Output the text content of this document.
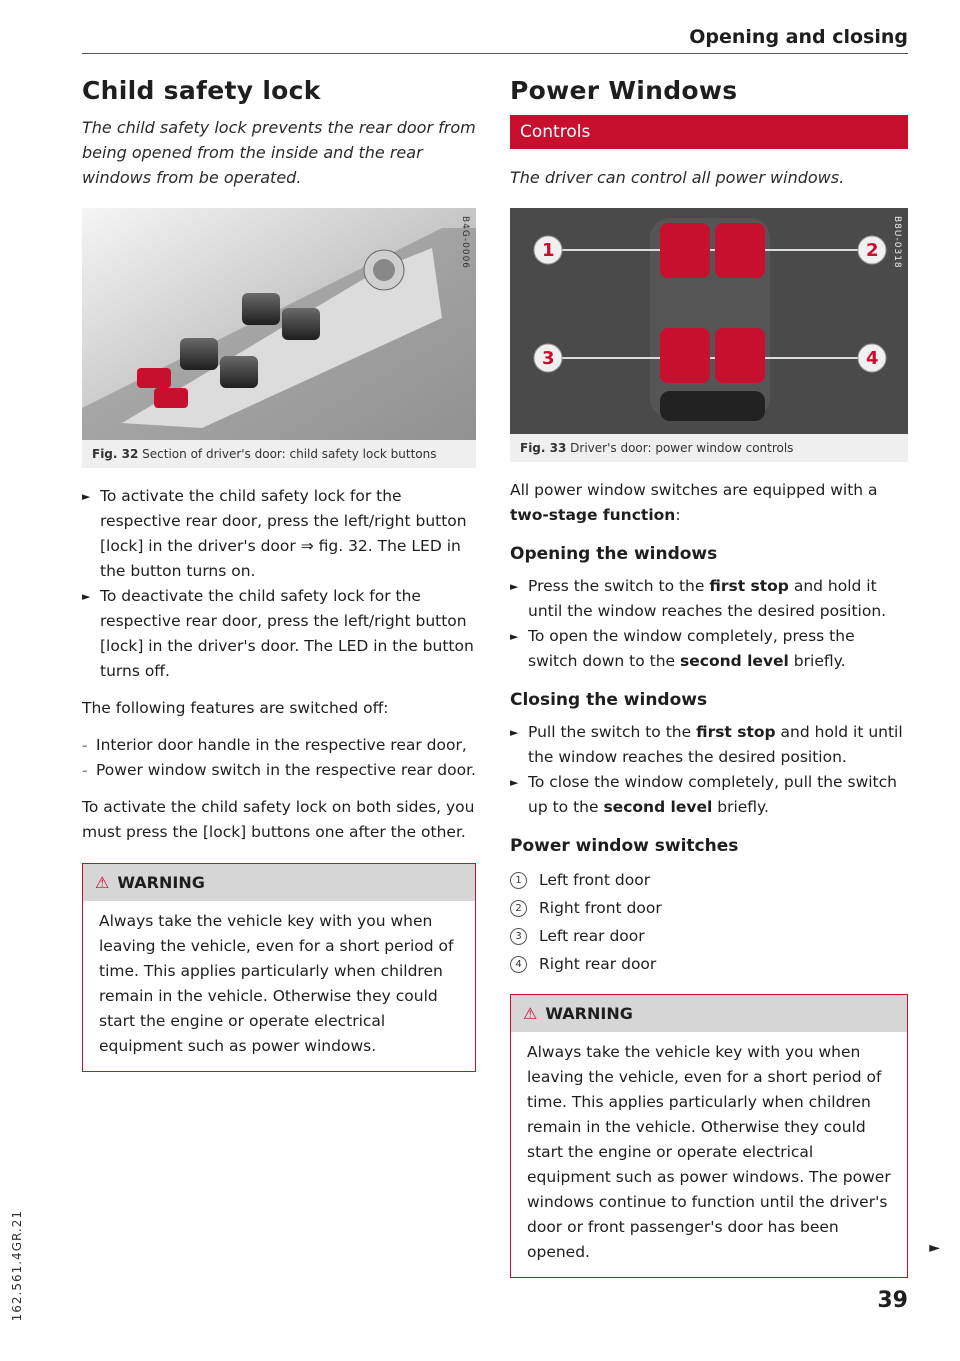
Opening and closing
Child safety lock
The child safety lock prevents the rear door from being opened from the inside and the rear windows from be operated.
B4G-0006
Fig. 32 Section of driver's door: child safety lock buttons
► To activate the child safety lock for the respective rear door, press the left/right button [lock] in the driver's door ⇒ fig. 32. The LED in the button turns on.
► To deactivate the child safety lock for the respective rear door, press the left/right button [lock] in the driver's door. The LED in the button turns off.

The following features are switched off:

– Interior door handle in the respective rear door,
– Power window switch in the respective rear door.

To activate the child safety lock on both sides, you must press the [lock] buttons one after the other.

⚠ WARNING
Always take the vehicle key with you when leaving the vehicle, even for a short period of time. This applies particularly when children remain in the vehicle. Otherwise they could start the engine or operate electrical equipment such as power windows.
Power Windows
Controls
The driver can control all power windows.
1	2
3	4
B8U-0318
Fig. 33 Driver's door: power window controls

All power window switches are equipped with a two-stage function:

Opening the windows
► Press the switch to the first stop and hold it until the window reaches the desired position.
► To open the window completely, press the switch down to the second level briefly.
Closing the windows
► Pull the switch to the first stop and hold it until the window reaches the desired position.
► To close the window completely, pull the switch up to the second level briefly.
Power window switches
1 Left front door
2 Right front door
3 Left rear door
4 Right rear door
⚠ WARNING
Always take the vehicle key with you when leaving the vehicle, even for a short period of time. This applies particularly when children remain in the vehicle. Otherwise they could start the engine or operate electrical equipment such as power windows. The power windows continue to function until the driver's door or front passenger's door has been opened.	►
39
162.561.4GR.21
